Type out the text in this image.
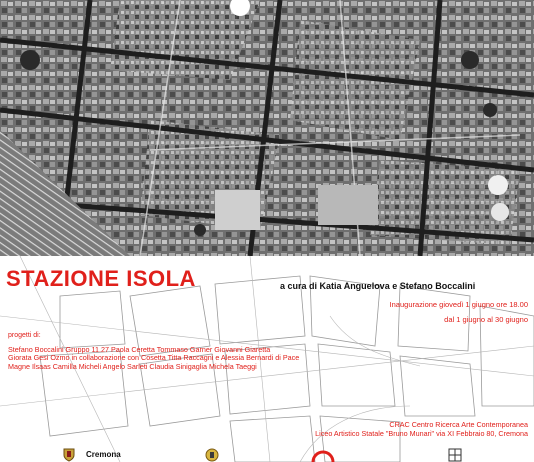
STAZIONE ISOLA	a cura di Katia Anguelova e Stefano Boccalini
Inaugurazione giovedì 1 giugno ore 18.00
dal 1 giugno al 30 giugno
progetti di:
Stefano Boccalini Gruppo 11.27 Paola Ceretta Tommaso Garner Giovanni Giaretta
Giorata Gesi Ozmo in collaborazione con Cosetta Titta Raccagni e Alessia Bernardi di Pace
Magne Ilsaas Camilla Micheli Angelo Sarleti Claudia Sinigaglia Michela Taeggi
CRAC Centro Ricerca Arte Contemporanea
Liceo Artistico Statale "Bruno Munari" via XI Febbraio 80, Cremona
Cremona
